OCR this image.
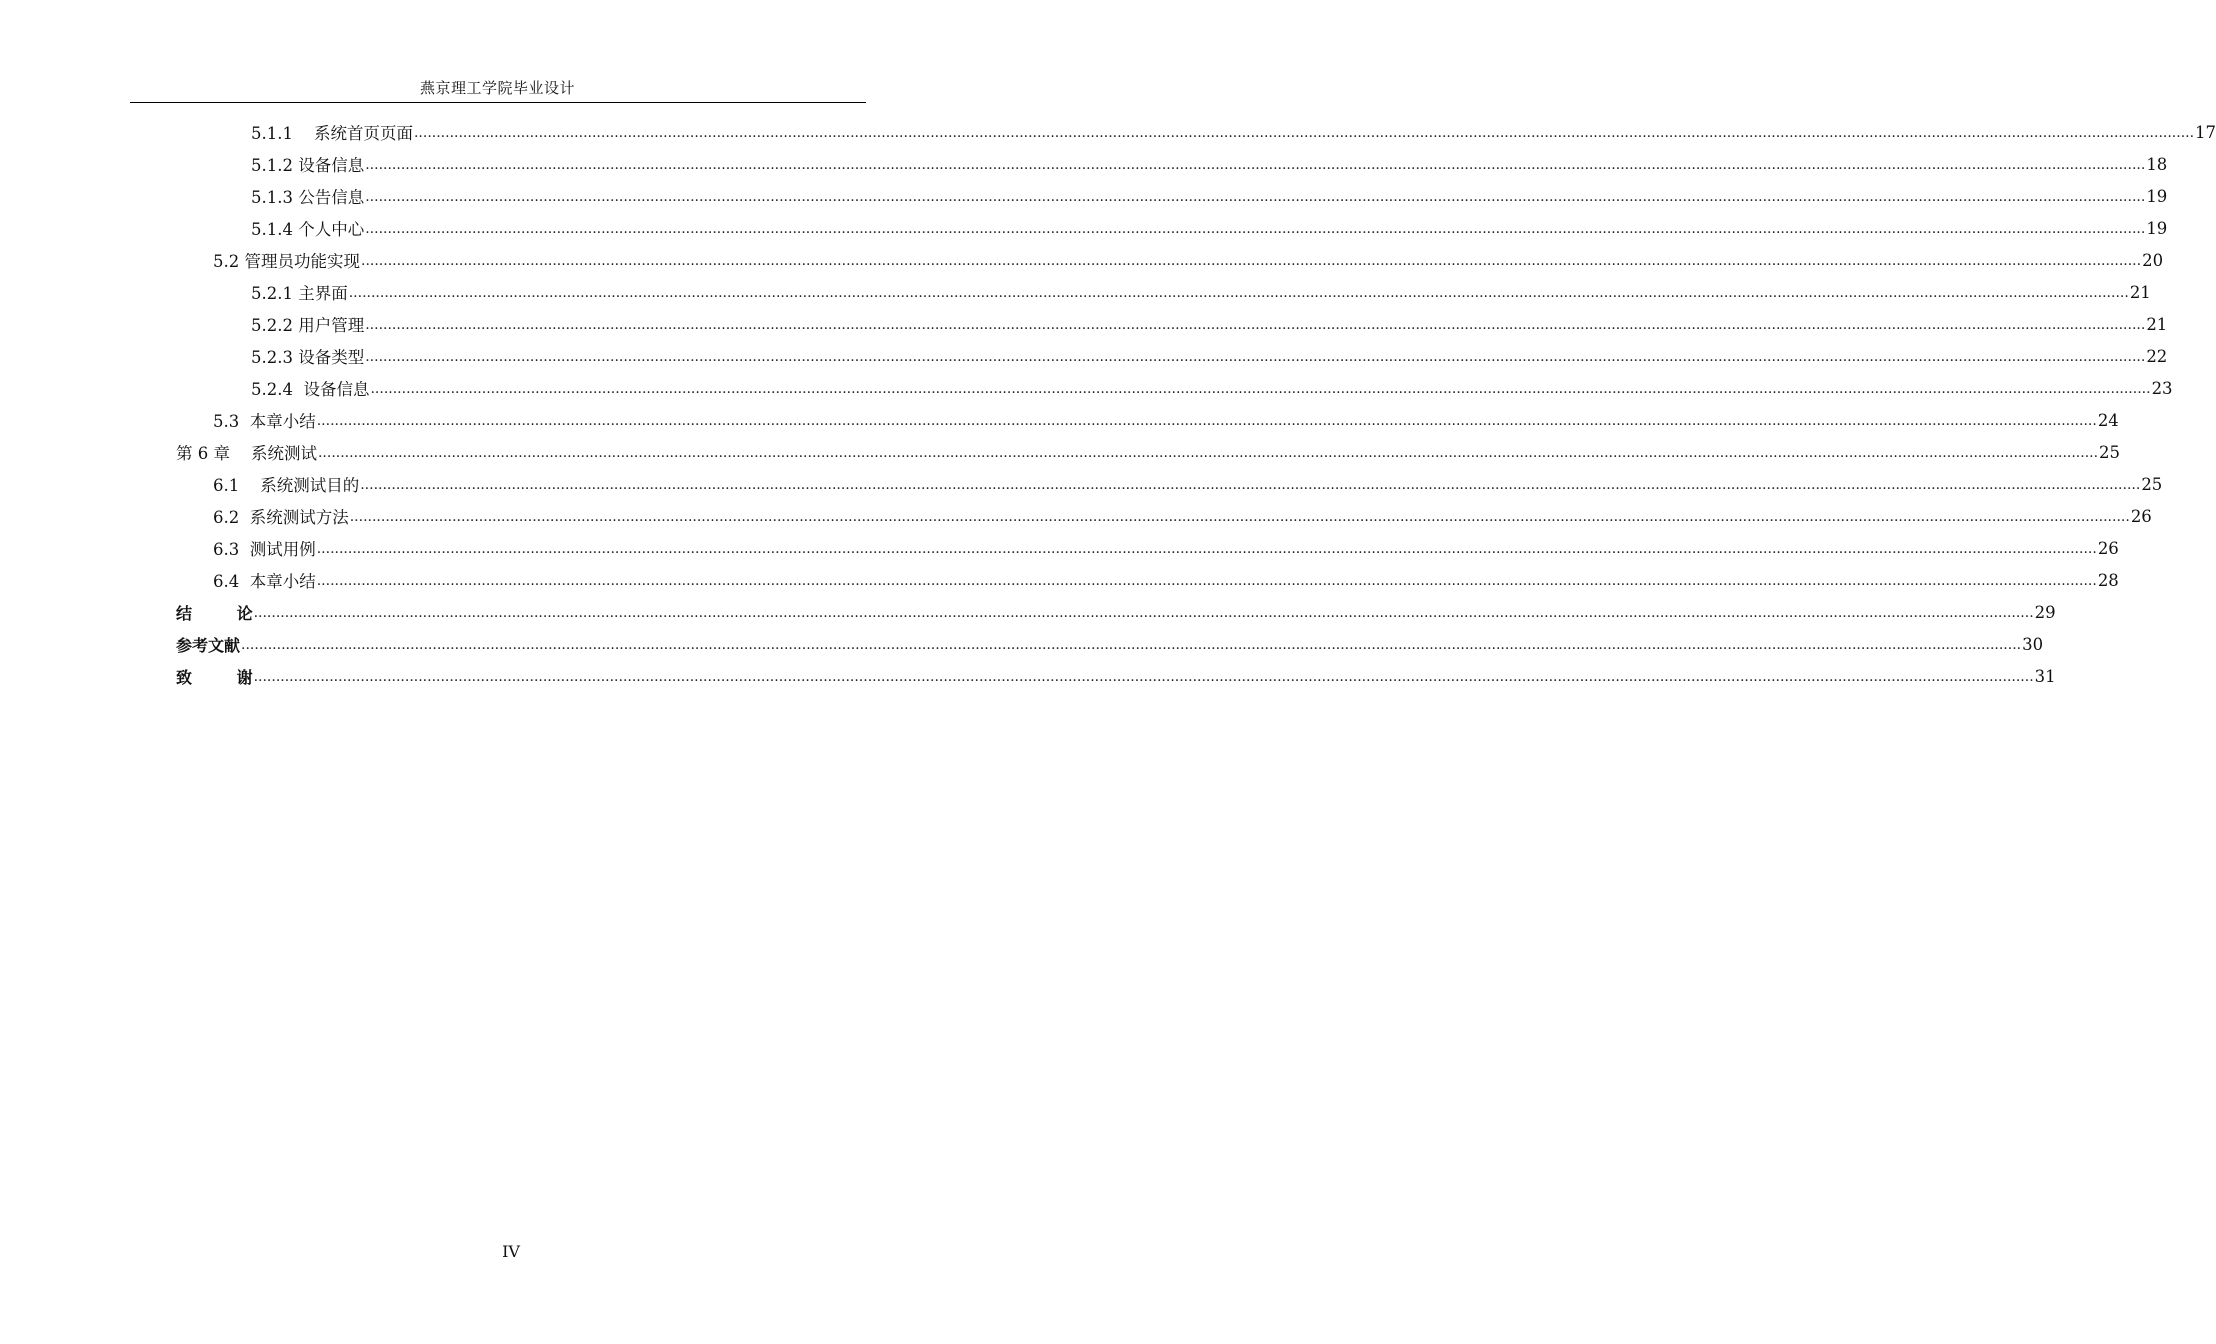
燕京理工学院毕业设计
5.1.1    系统首页页面 ................................................................................................................................................................................................................................................................................................................................................................................................................ 17
5.1.2 设备信息 ................................................................................................................................................................................................................................................................................................................................................................................................................ 18
5.1.3 公告信息 ................................................................................................................................................................................................................................................................................................................................................................................................................ 19
5.1.4 个人中心 ................................................................................................................................................................................................................................................................................................................................................................................................................ 19
5.2 管理员功能实现 ................................................................................................................................................................................................................................................................................................................................................................................................................ 20
5.2.1 主界面 ................................................................................................................................................................................................................................................................................................................................................................................................................ 21
5.2.2 用户管理 ................................................................................................................................................................................................................................................................................................................................................................................................................ 21
5.2.3 设备类型 ................................................................................................................................................................................................................................................................................................................................................................................................................ 22
5.2.4  设备信息 ................................................................................................................................................................................................................................................................................................................................................................................................................ 23
5.3  本章小结 ................................................................................................................................................................................................................................................................................................................................................................................................................ 24
第 6 章    系统测试 ................................................................................................................................................................................................................................................................................................................................................................................................................ 25
6.1    系统测试目的 ................................................................................................................................................................................................................................................................................................................................................................................................................ 25
6.2  系统测试方法 ................................................................................................................................................................................................................................................................................................................................................................................................................ 26
6.3  测试用例 ................................................................................................................................................................................................................................................................................................................................................................................................................ 26
6.4  本章小结 ................................................................................................................................................................................................................................................................................................................................................................................................................ 28
结        论 ................................................................................................................................................................................................................................................................................................................................................................................................................ 29
参考文献 ................................................................................................................................................................................................................................................................................................................................................................................................................ 30
致        谢 ................................................................................................................................................................................................................................................................................................................................................................................................................ 31
IV
